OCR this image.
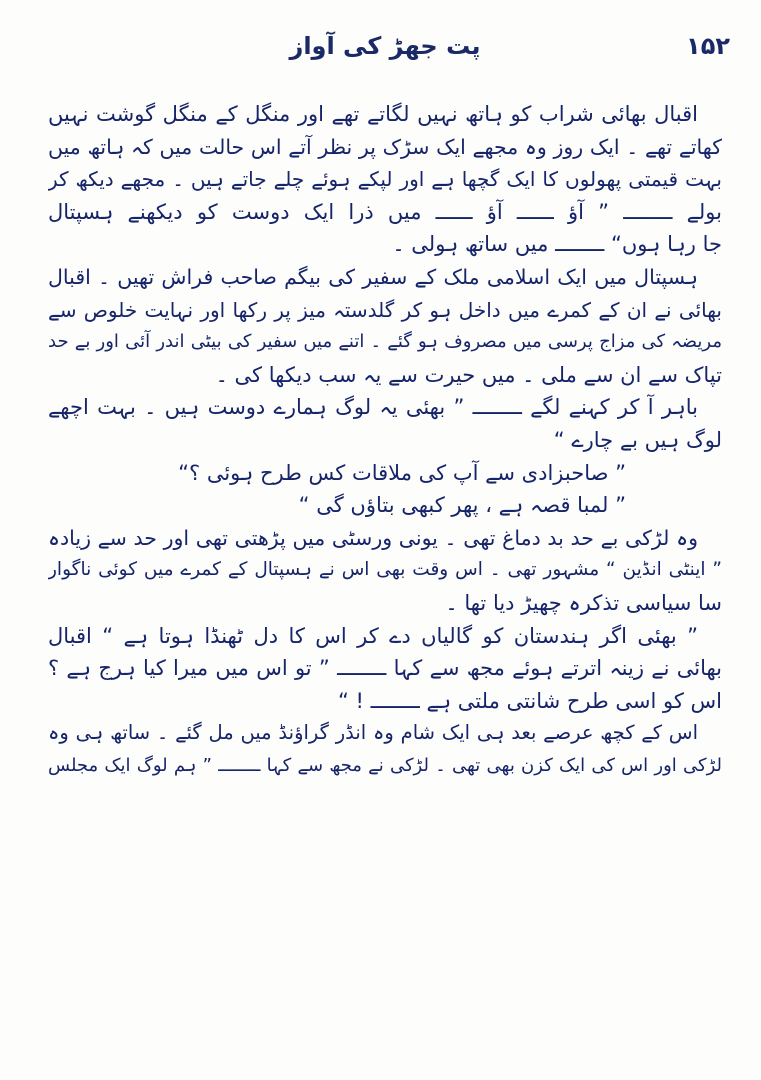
۱۵۲
پت جھڑ کی آواز
اقبال بھائی شراب کو ہاتھ نہیں لگاتے تھے اور منگل کے منگل گوشت نہیں
کھاتے تھے ۔ ایک روز وہ مجھے ایک سڑک پر نظر آتے اس حالت میں کہ ہاتھ میں
بہت قیمتی پھولوں کا ایک گچھا ہے اور لپکے ہوئے چلے جاتے ہیں ۔ مجھے دیکھ کر
بولے ــــــــ ” آؤ ــــــ آؤ ــــــ میں ذرا ایک دوست کو دیکھنے ہسپتال
جا رہا ہوں“ ــــــــ میں ساتھ ہولی ۔
ہسپتال میں ایک اسلامی ملک کے سفیر کی بیگم صاحب فراش تھیں ۔ اقبال
بھائی نے ان کے کمرے میں داخل ہو کر گلدستہ میز پر رکھا اور نہایت خلوص سے
مریضہ کی مزاج پرسی میں مصروف ہو گئے ۔ اتنے میں سفیر کی بیٹی اندر آئی اور بے حد
تپاک سے ان سے ملی ۔ میں حیرت سے یہ سب دیکھا کی ۔
باہر آ کر کہنے لگے ــــــــ ” بھئی یہ لوگ ہمارے دوست ہیں ۔ بہت اچھے
لوگ ہیں بے چارے “
” صاحبزادی سے آپ کی ملاقات کس طرح ہوئی ؟“
” لمبا قصہ ہے ، پھر کبھی بتاؤں گی “
وہ لڑکی بے حد بد دماغ تھی ۔ یونی ورسٹی میں پڑھتی تھی اور حد سے زیادہ
” اینٹی انڈین “ مشہور تھی ۔ اس وقت بھی اس نے ہسپتال کے کمرے میں کوئی ناگوار
سا سیاسی تذکرہ چھیڑ دیا تھا ۔
” بھئی اگر ہندستان کو گالیاں دے کر اس کا دل ٹھنڈا ہوتا ہے “ اقبال
بھائی نے زینہ اترتے ہوئے مجھ سے کہا ــــــــ ” تو اس میں میرا کیا ہرج ہے ؟
اس کو اسی طرح شانتی ملتی ہے ــــــــ ! “
اس کے کچھ عرصے بعد ہی ایک شام وہ انڈر گراؤنڈ میں مل گئے ۔ ساتھ ہی وہ
لڑکی اور اس کی ایک کزن بھی تھی ۔ لڑکی نے مجھ سے کہا ــــــــ ” ہم لوگ ایک مجلس
